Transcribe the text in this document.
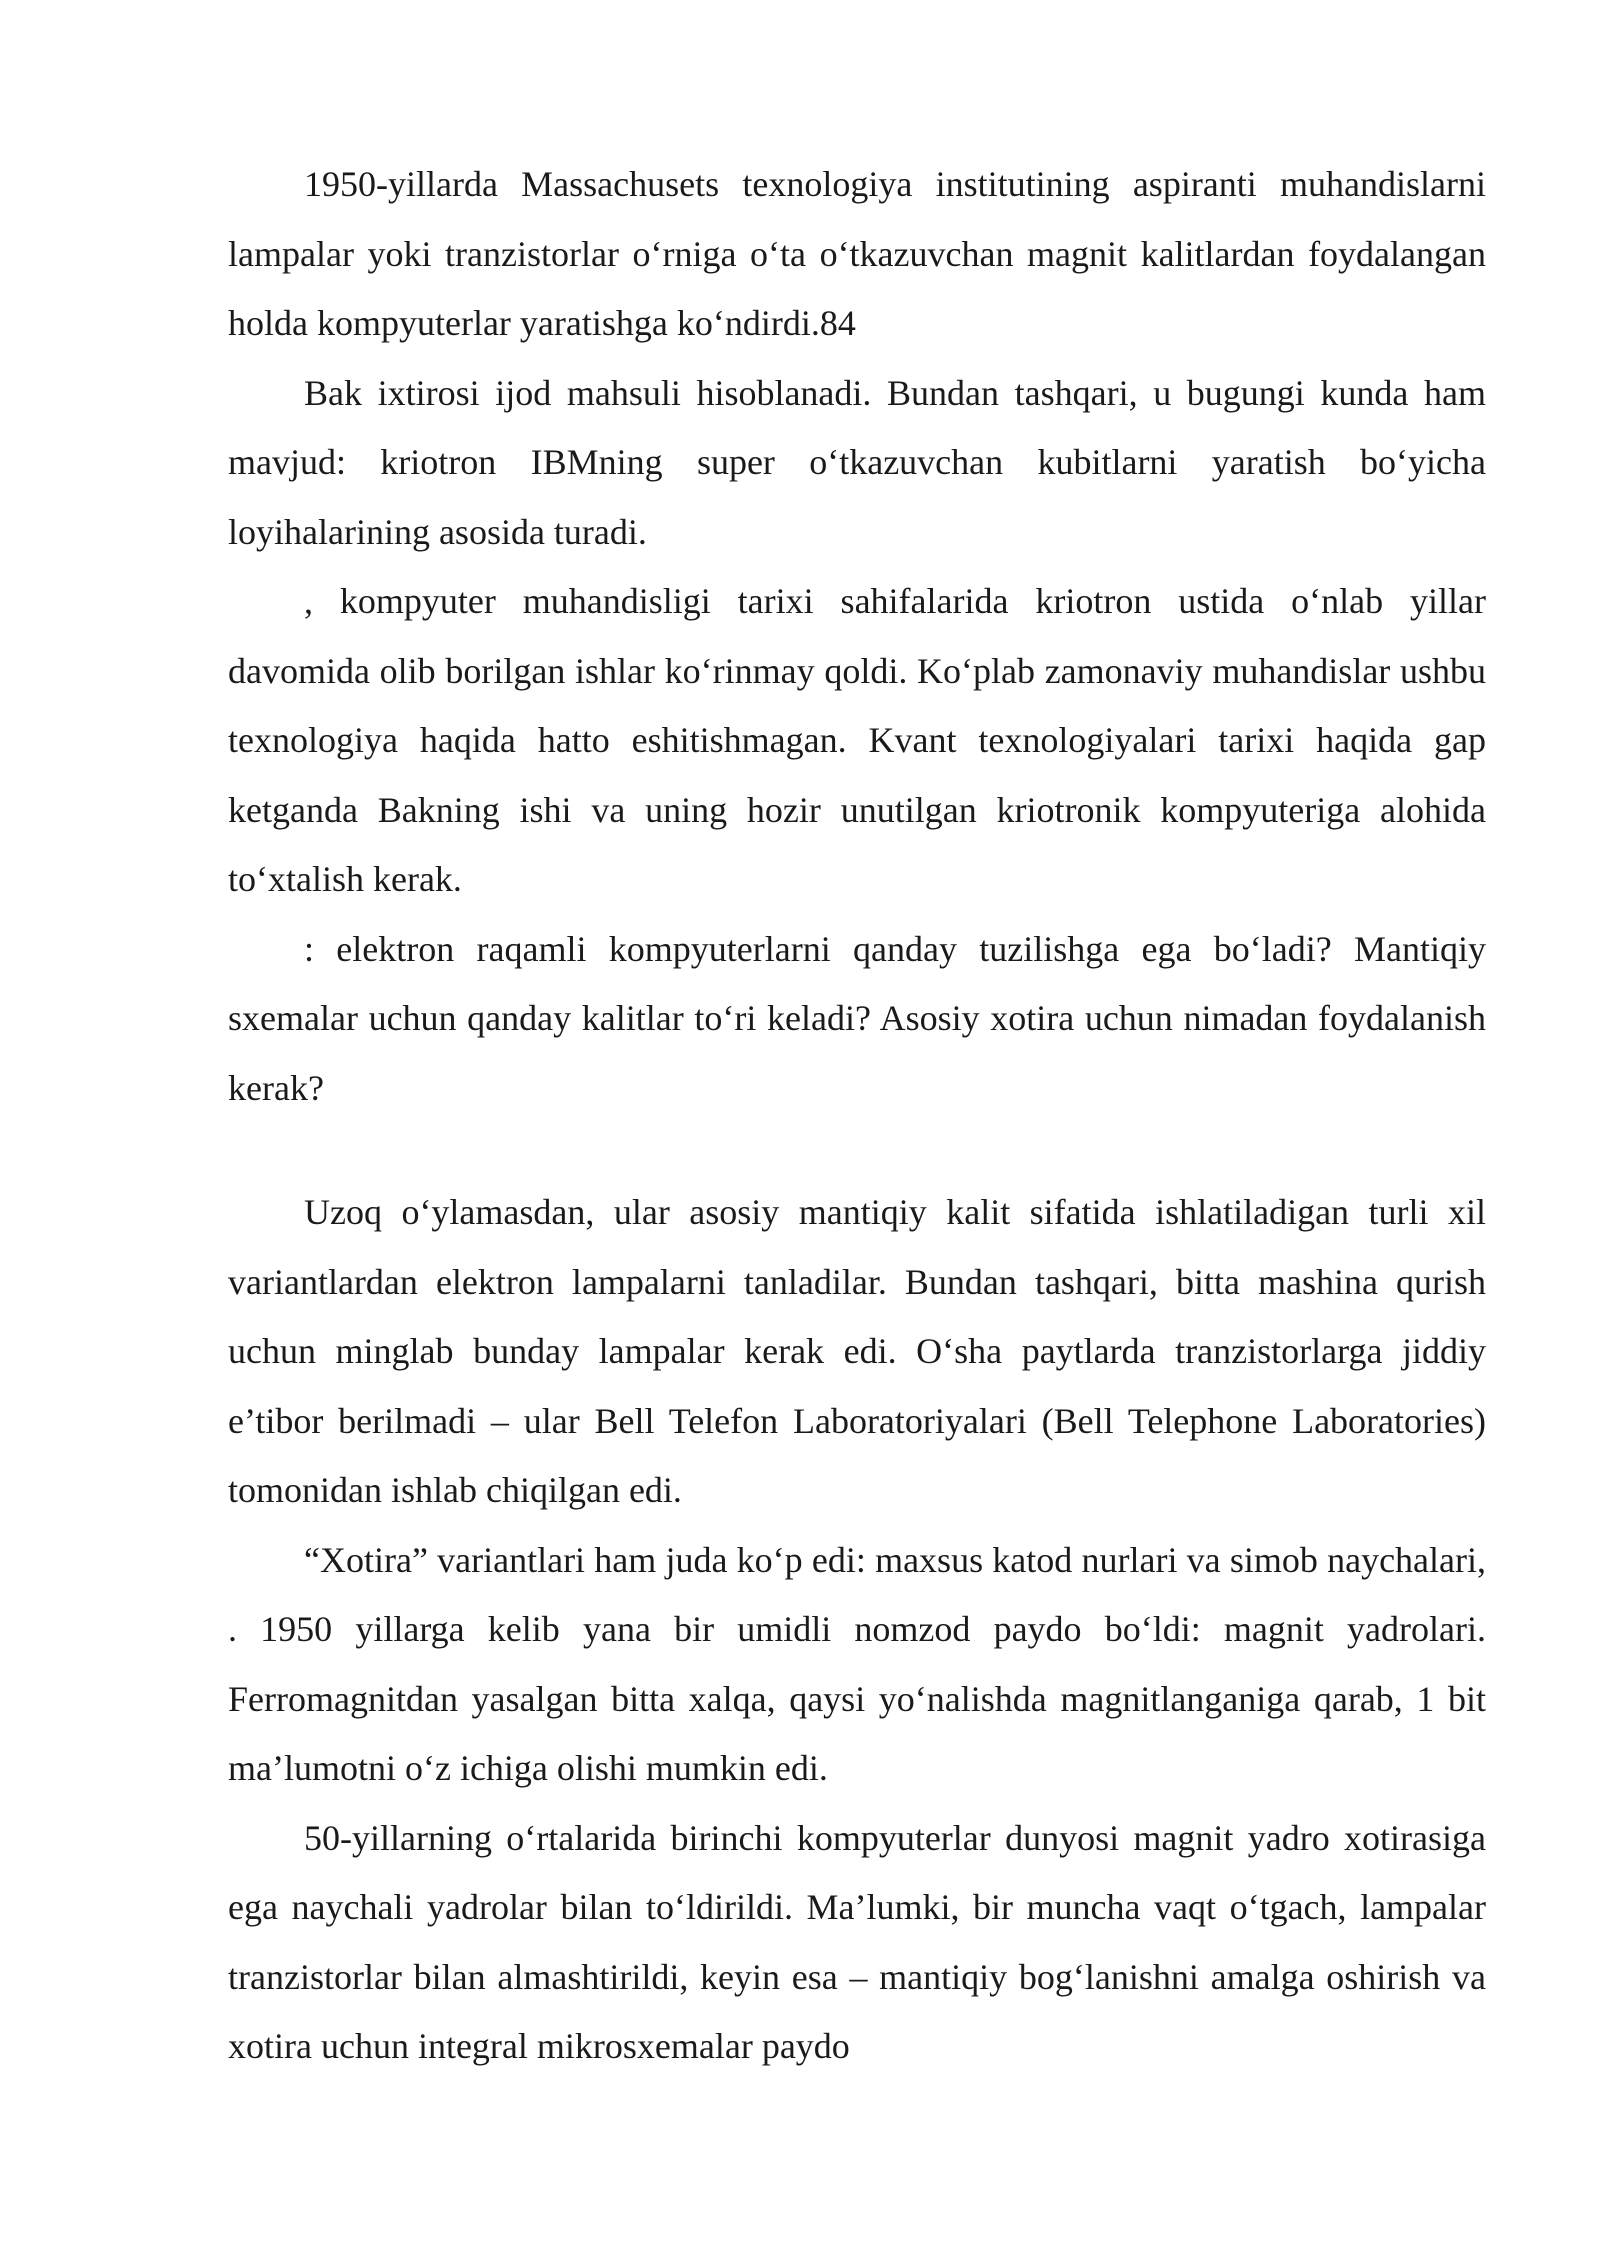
1950-yillarda Massachusets texnologiya institutining aspiranti muhandislarni lampalar yoki tranzistorlar o‘rniga o‘ta o‘tkazuvchan magnit kalitlardan foydalangan holda kompyuterlar yaratishga ko‘ndirdi.84

Bak ixtirosi ijod mahsuli hisoblanadi. Bundan tashqari, u bugungi kunda ham mavjud: kriotron IBMning super o‘tkazuvchan kubitlarni yaratish bo‘yicha loyihalarining asosida turadi.

, kompyuter muhandisligi tarixi sahifalarida kriotron ustida o‘nlab yillar davomida olib borilgan ishlar ko‘rinmay qoldi. Ko‘plab zamonaviy muhandislar ushbu texnologiya haqida hatto eshitishmagan. Kvant texnologiyalari tarixi haqida gap ketganda Bakning ishi va uning hozir unutilgan kriotronik kompyuteriga alohida to‘xtalish kerak.

: elektron raqamli kompyuterlarni qanday tuzilishga ega bo‘ladi? Mantiqiy sxemalar uchun qanday kalitlar to‘ri keladi? Asosiy xotira uchun nimadan foydalanish kerak?

Uzoq o‘ylamasdan, ular asosiy mantiqiy kalit sifatida ishlatiladigan turli xil variantlardan elektron lampalarni tanladilar. Bundan tashqari, bitta mashina qurish uchun minglab bunday lampalar kerak edi. O‘sha paytlarda tranzistorlarga jiddiy e’tibor berilmadi – ular Bell Telefon Laboratoriyalari (Bell Telephone Laboratories) tomonidan ishlab chiqilgan edi.

“Xotira” variantlari ham juda ko‘p edi: maxsus katod nurlari va simob naychalari, . 1950 yillarga kelib yana bir umidli nomzod paydo bo‘ldi: magnit yadrolari. Ferromagnitdan yasalgan bitta xalqa, qaysi yo‘nalishda magnitlanganiga qarab, 1 bit ma’lumotni o‘z ichiga olishi mumkin edi.

50-yillarning o‘rtalarida birinchi kompyuterlar dunyosi magnit yadro xotirasiga ega naychali yadrolar bilan to‘ldirildi. Ma’lumki, bir muncha vaqt o‘tgach, lampalar tranzistorlar bilan almashtirildi, keyin esa – mantiqiy bog‘lanishni amalga oshirish va xotira uchun integral mikrosxemalar paydo
